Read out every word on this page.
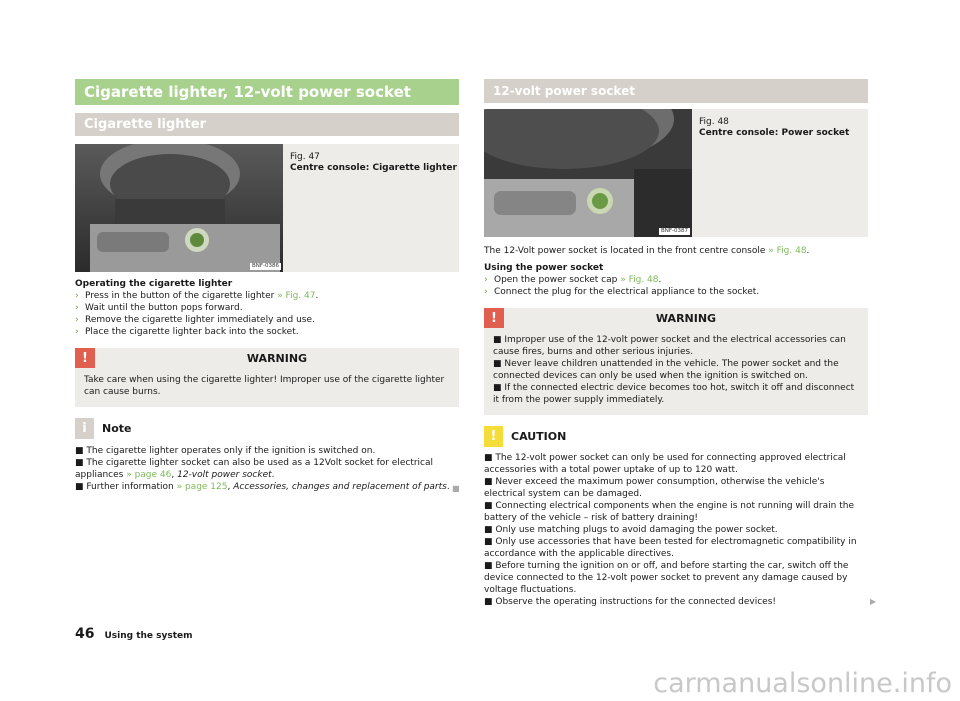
Cigarette lighter, 12-volt power socket
Cigarette lighter
BNF-0386
Fig. 47
Centre console: Cigarette lighter
Operating the cigarette lighter
› Press in the button of the cigarette lighter » Fig. 47.
› Wait until the button pops forward.
› Remove the cigarette lighter immediately and use.
› Place the cigarette lighter back into the socket.
!	WARNING
Take care when using the cigarette lighter! Improper use of the cigarette lighter can cause burns.
i	Note
■ The cigarette lighter operates only if the ignition is switched on.
■ The cigarette lighter socket can also be used as a 12Volt socket for electrical appliances » page 46, 12-volt power socket.
■ Further information » page 125, Accessories, changes and replacement of parts. ■
12-volt power socket
BNF-0387
Fig. 48
Centre console: Power socket
The 12-Volt power socket is located in the front centre console » Fig. 48.
Using the power socket
› Open the power socket cap » Fig. 48.
› Connect the plug for the electrical appliance to the socket.
!	WARNING
■ Improper use of the 12-volt power socket and the electrical accessories can cause fires, burns and other serious injuries.
■ Never leave children unattended in the vehicle. The power socket and the connected devices can only be used when the ignition is switched on.
■ If the connected electric device becomes too hot, switch it off and disconnect it from the power supply immediately.
!	CAUTION
■ The 12-volt power socket can only be used for connecting approved electrical accessories with a total power uptake of up to 120 watt.
■ Never exceed the maximum power consumption, otherwise the vehicle's electrical system can be damaged.
■ Connecting electrical components when the engine is not running will drain the battery of the vehicle – risk of battery draining!
■ Only use matching plugs to avoid damaging the power socket.
■ Only use accessories that have been tested for electromagnetic compatibility in accordance with the applicable directives.
■ Before turning the ignition on or off, and before starting the car, switch off the device connected to the 12-volt power socket to prevent any damage caused by voltage fluctuations.
■ Observe the operating instructions for the connected devices!	▶
46 Using the system
carmanualsonline.info
